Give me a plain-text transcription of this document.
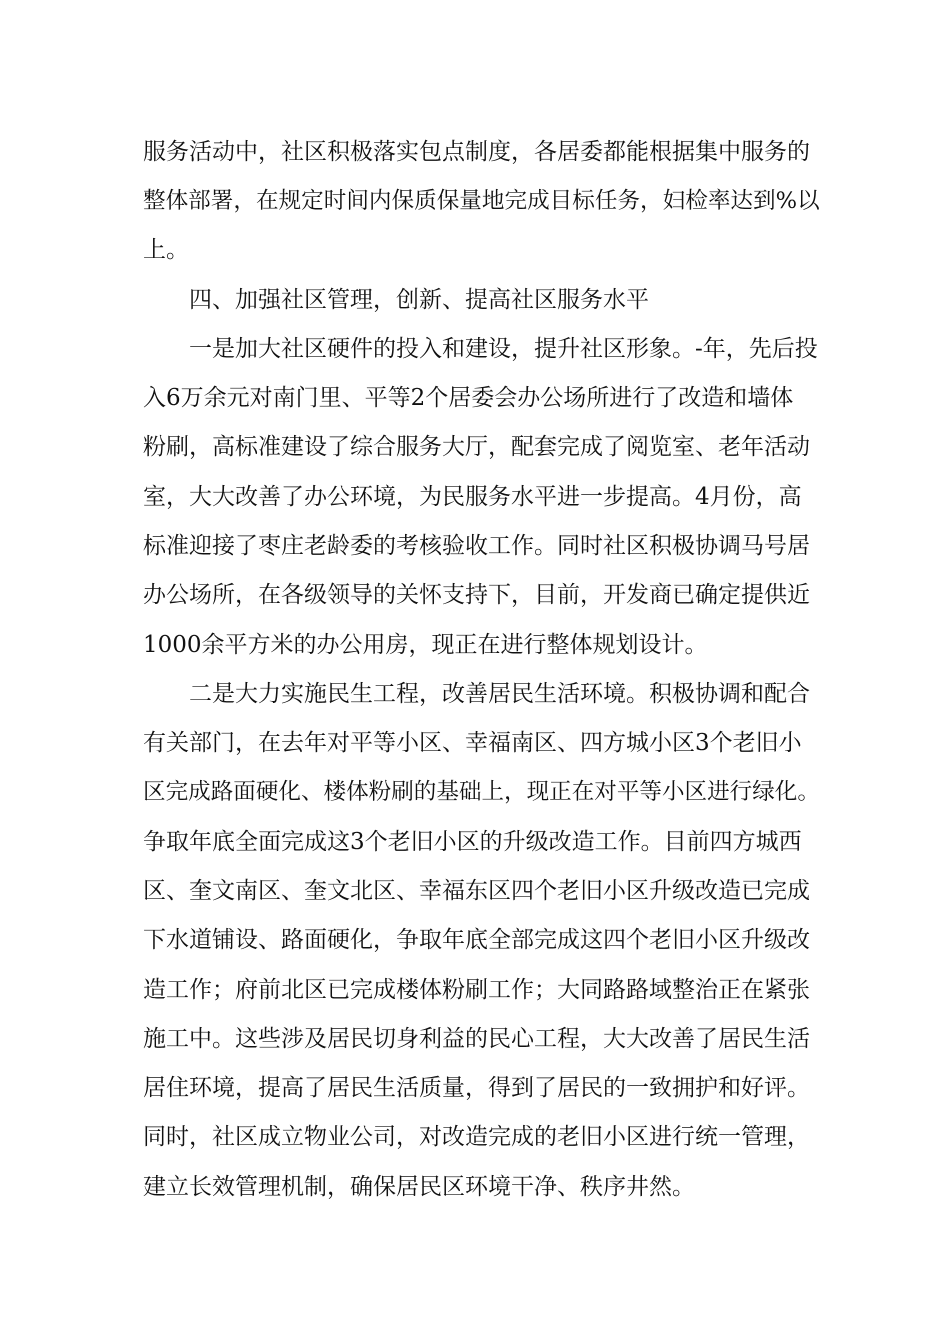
服务活动中，社区积极落实包点制度，各居委都能根据集中服务的
整体部署，在规定时间内保质保量地完成目标任务，妇检率达到%以
上。
四、加强社区管理，创新、提高社区服务水平
一是加大社区硬件的投入和建设，提升社区形象。-年，先后投
入6万余元对南门里、平等2个居委会办公场所进行了改造和墙体
粉刷，高标准建设了综合服务大厅，配套完成了阅览室、老年活动
室，大大改善了办公环境，为民服务水平进一步提高。4月份，高
标准迎接了枣庄老龄委的考核验收工作。同时社区积极协调马号居
办公场所，在各级领导的关怀支持下，目前，开发商已确定提供近
1000余平方米的办公用房，现正在进行整体规划设计。
二是大力实施民生工程，改善居民生活环境。积极协调和配合
有关部门，在去年对平等小区、幸福南区、四方城小区3个老旧小
区完成路面硬化、楼体粉刷的基础上，现正在对平等小区进行绿化。
争取年底全面完成这3个老旧小区的升级改造工作。目前四方城西
区、奎文南区、奎文北区、幸福东区四个老旧小区升级改造已完成
下水道铺设、路面硬化，争取年底全部完成这四个老旧小区升级改
造工作；府前北区已完成楼体粉刷工作；大同路路域整治正在紧张
施工中。这些涉及居民切身利益的民心工程，大大改善了居民生活
居住环境，提高了居民生活质量，得到了居民的一致拥护和好评。
同时，社区成立物业公司，对改造完成的老旧小区进行统一管理，
建立长效管理机制，确保居民区环境干净、秩序井然。
